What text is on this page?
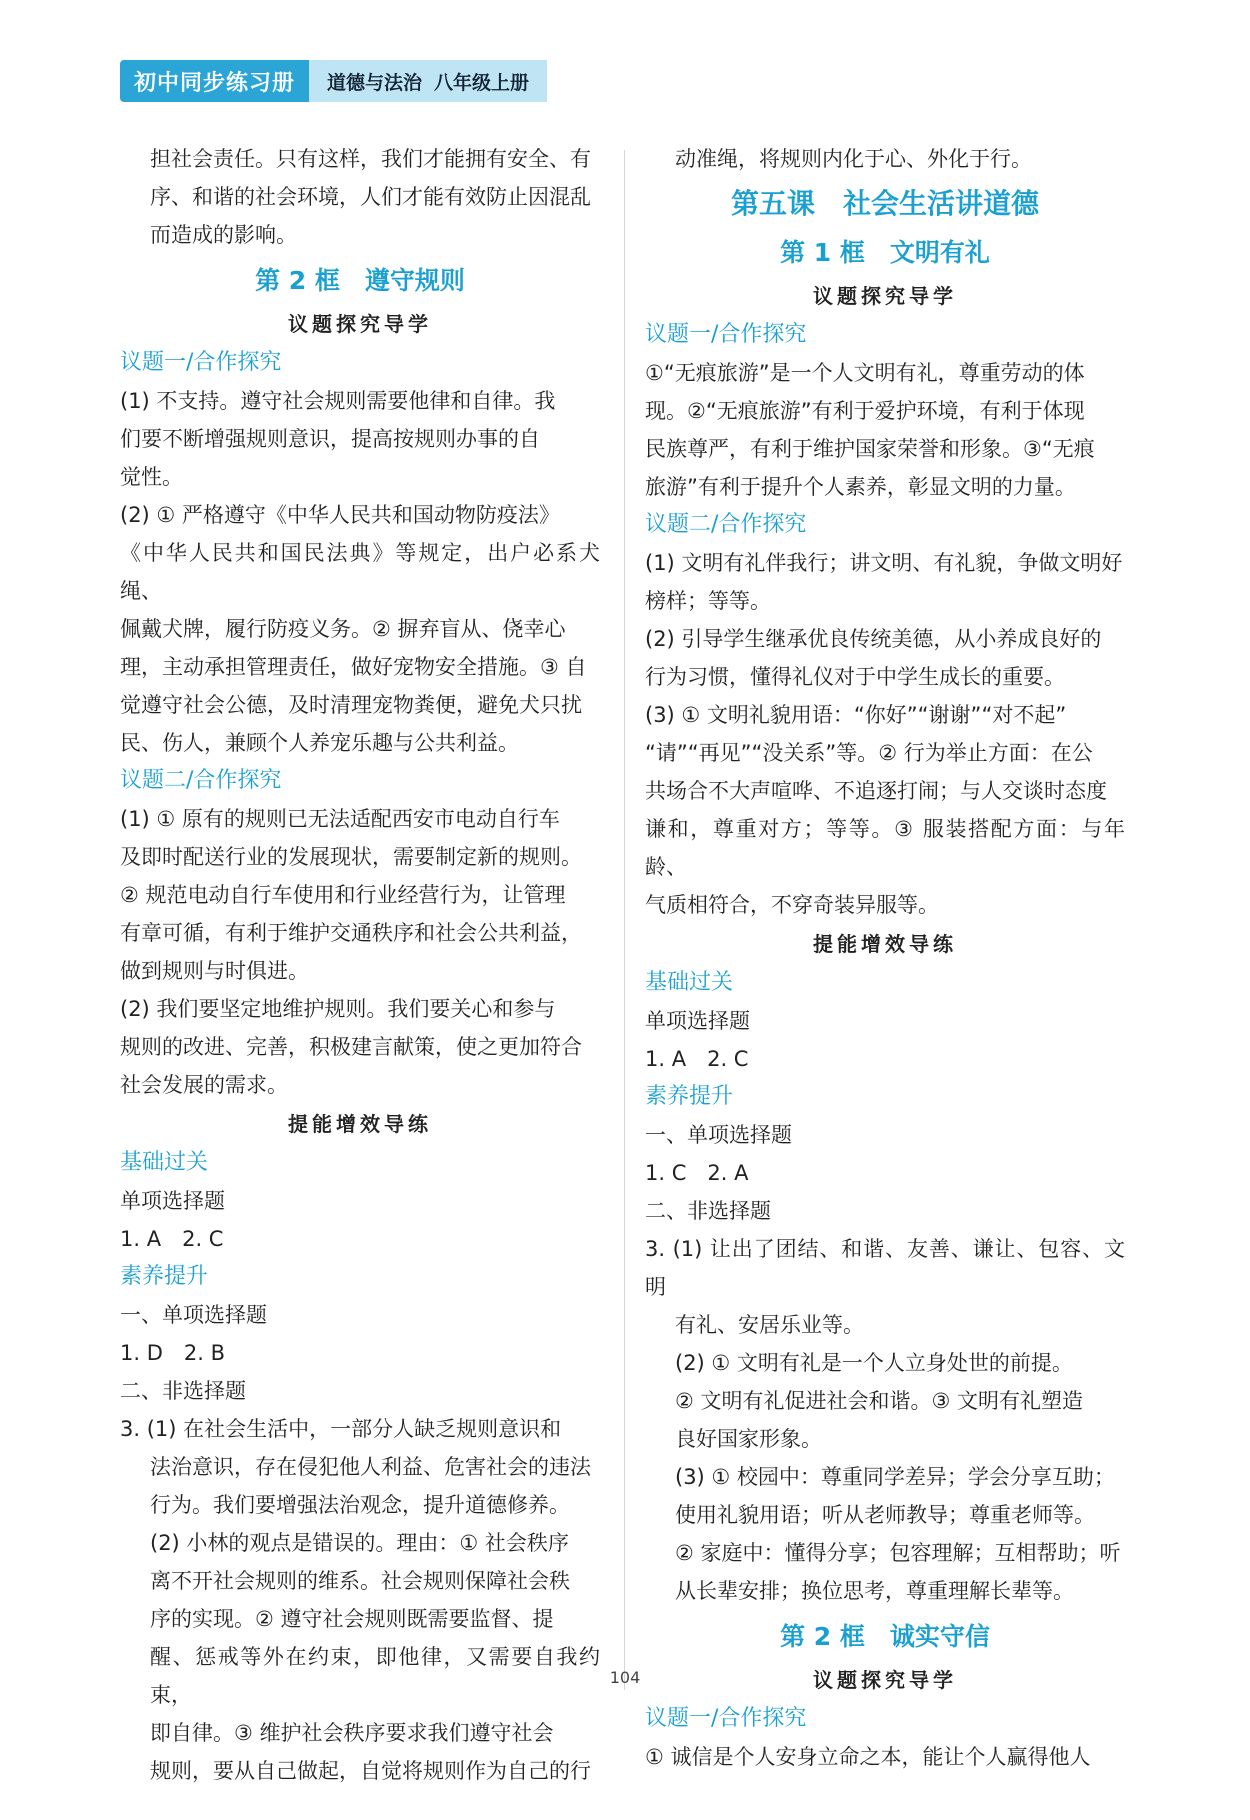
初中同步练习册	道德与法治 八年级上册
担社会责任。只有这样，我们才能拥有安全、有
序、和谐的社会环境，人们才能有效防止因混乱
而造成的影响。
第 2 框　遵守规则
议题探究导学
议题一/合作探究
(1) 不支持。遵守社会规则需要他律和自律。我
们要不断增强规则意识，提高按规则办事的自
觉性。
(2) ① 严格遵守《中华人民共和国动物防疫法》
《中华人民共和国民法典》等规定，出户必系犬绳、
佩戴犬牌，履行防疫义务。② 摒弃盲从、侥幸心
理，主动承担管理责任，做好宠物安全措施。③ 自
觉遵守社会公德，及时清理宠物粪便，避免犬只扰
民、伤人，兼顾个人养宠乐趣与公共利益。
议题二/合作探究
(1) ① 原有的规则已无法适配西安市电动自行车
及即时配送行业的发展现状，需要制定新的规则。
② 规范电动自行车使用和行业经营行为，让管理
有章可循，有利于维护交通秩序和社会公共利益，
做到规则与时俱进。
(2) 我们要坚定地维护规则。我们要关心和参与
规则的改进、完善，积极建言献策，使之更加符合
社会发展的需求。
提能增效导练
基础过关
单项选择题
1. A　2. C
素养提升
一、单项选择题
1. D　2. B
二、非选择题
3. (1) 在社会生活中，一部分人缺乏规则意识和
法治意识，存在侵犯他人利益、危害社会的违法
行为。我们要增强法治观念，提升道德修养。
(2) 小林的观点是错误的。理由：① 社会秩序
离不开社会规则的维系。社会规则保障社会秩
序的实现。② 遵守社会规则既需要监督、提
醒、惩戒等外在约束，即他律，又需要自我约束，
即自律。③ 维护社会秩序要求我们遵守社会
规则，要从自己做起，自觉将规则作为自己的行
动准绳，将规则内化于心、外化于行。
第五课　社会生活讲道德
第 1 框　文明有礼
议题探究导学
议题一/合作探究
①“无痕旅游”是一个人文明有礼，尊重劳动的体
现。②“无痕旅游”有利于爱护环境，有利于体现
民族尊严，有利于维护国家荣誉和形象。③“无痕
旅游”有利于提升个人素养，彰显文明的力量。
议题二/合作探究
(1) 文明有礼伴我行；讲文明、有礼貌，争做文明好
榜样；等等。
(2) 引导学生继承优良传统美德，从小养成良好的
行为习惯，懂得礼仪对于中学生成长的重要。
(3) ① 文明礼貌用语：“你好”“谢谢”“对不起”
“请”“再见”“没关系”等。② 行为举止方面：在公
共场合不大声喧哗、不追逐打闹；与人交谈时态度
谦和，尊重对方；等等。③ 服装搭配方面：与年龄、
气质相符合，不穿奇装异服等。
提能增效导练
基础过关
单项选择题
1. A　2. C
素养提升
一、单项选择题
1. C　2. A
二、非选择题
3. (1) 让出了团结、和谐、友善、谦让、包容、文明
有礼、安居乐业等。
(2) ① 文明有礼是一个人立身处世的前提。
② 文明有礼促进社会和谐。③ 文明有礼塑造
良好国家形象。
(3) ① 校园中：尊重同学差异；学会分享互助；
使用礼貌用语；听从老师教导；尊重老师等。
② 家庭中：懂得分享；包容理解；互相帮助；听
从长辈安排；换位思考，尊重理解长辈等。
第 2 框　诚实守信
议题探究导学
议题一/合作探究
① 诚信是个人安身立命之本，能让个人赢得他人
104
